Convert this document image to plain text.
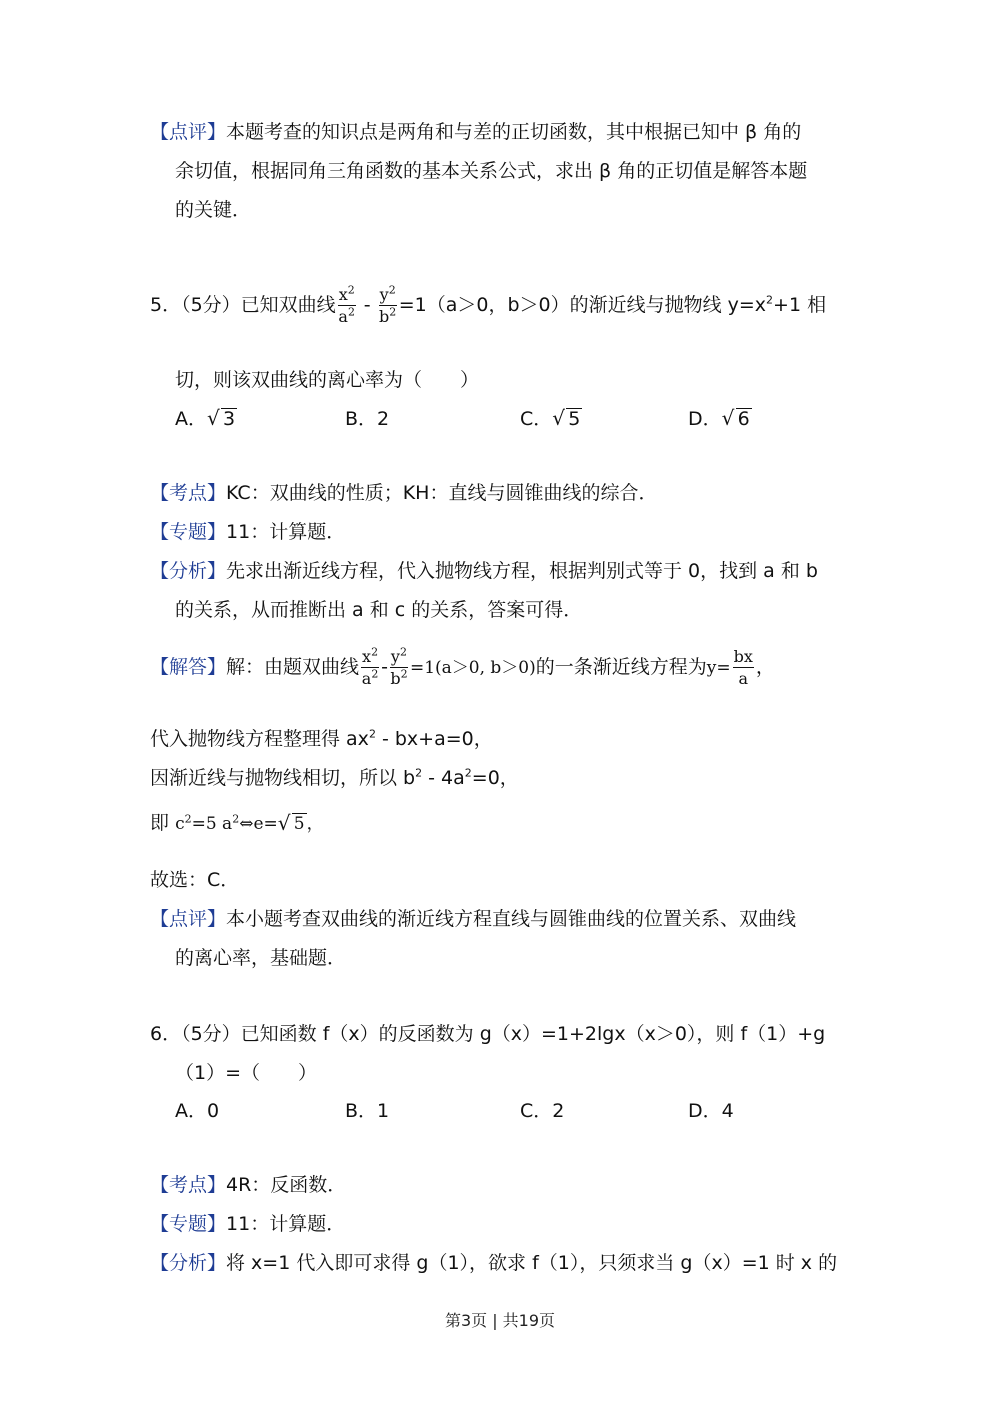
【点评】本题考查的知识点是两角和与差的正切函数，其中根据已知中 β 角的
余切值，根据同角三角函数的基本关系公式，求出 β 角的正切值是解答本题
的关键．
5．（5分）已知双曲线 $\frac{x^2}{a^2} - \frac{y^2}{b^2} =1(a>0$，b＞0）的渐近线与抛物线 $y=x^2+1$ 相
切，则该双曲线的离心率为（　　）
A．√ 3	B．2	C．√ 5	D．√ 6
【考点】KC：双曲线的性质；KH：直线与圆锥曲线的综合．
【专题】11：计算题．
【分析】先求出渐近线方程，代入抛物线方程，根据判别式等于 0，找到 a 和 b
的关系，从而推断出 a 和 c 的关系，答案可得．
【解答】解：由题双曲线 $\frac{x^2}{a^2} - \frac{y^2}{b^2} =1(a>0$, b＞0)的一条渐近线方程为$y= \frac{bx}{a}$ ，
代入抛物线方程整理得 $ax^2 - bx+a=0$，
因渐近线与抛物线相切，所以 $b^2 - 4a^2=0$，
即 $c^2=5$ $a^2\Leftrightarrow e=√$ 5 ，
故选：C．
【点评】本小题考查双曲线的渐近线方程直线与圆锥曲线的位置关系、双曲线
的离心率，基础题．
6．（5分）已知函数 f（x）的反函数为 g（x）=1+2lgx（x＞0），则 f（1）+g
（1）=（　　）
A．0	B．1	C．2	D．4
【考点】4R：反函数．
【专题】11：计算题．
【分析】将 x=1 代入即可求得 g（1），欲求 f（1），只须求当 g（x）=1 时 x 的
第3页 | 共19页
